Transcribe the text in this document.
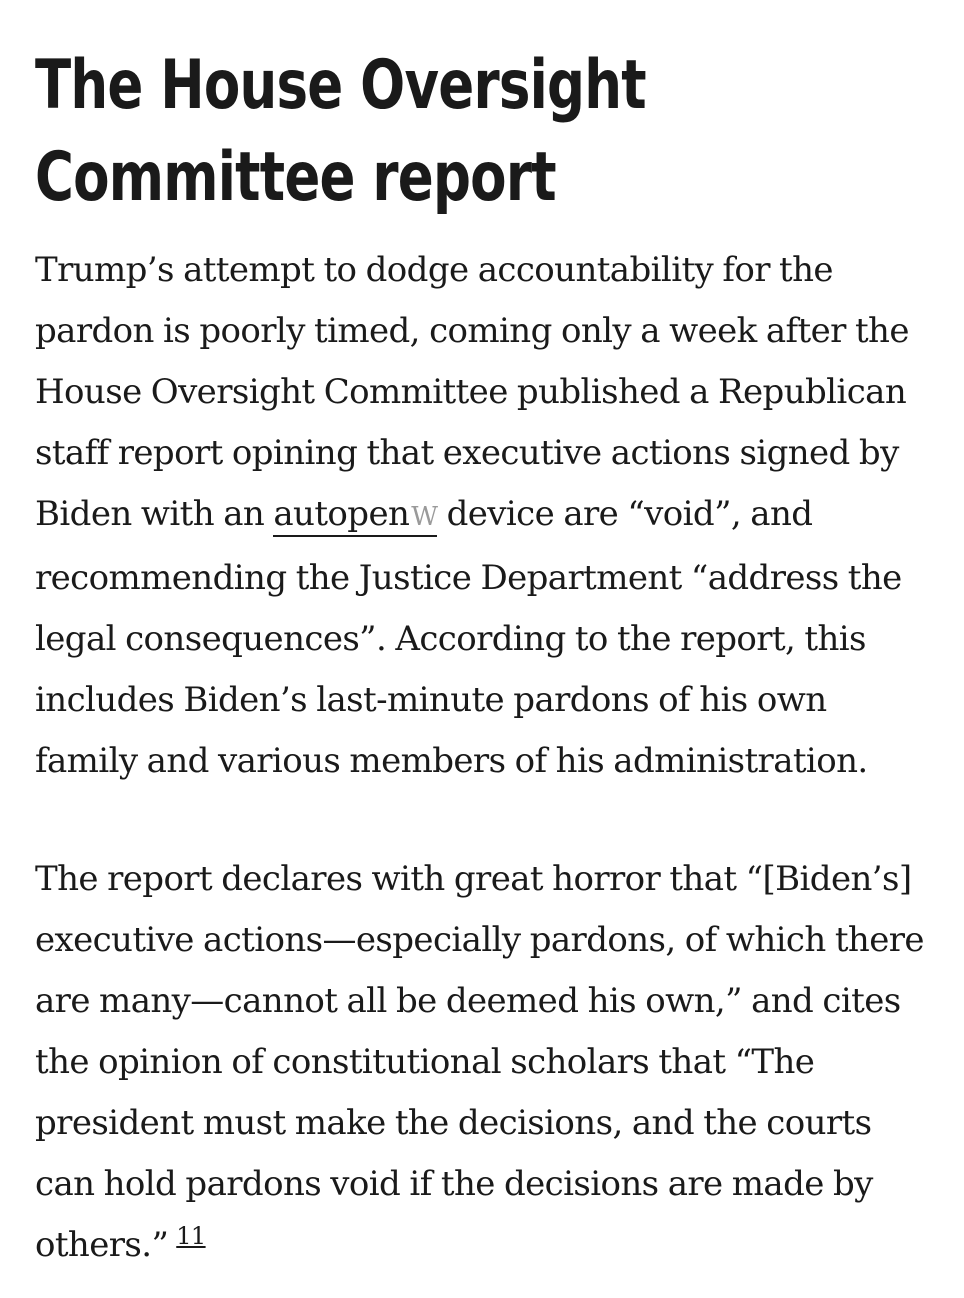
The House Oversight Committee report

Trump’s attempt to dodge accountability for the pardon is poorly timed, coming only a week after the House Oversight Committee published a Republican staff report opining that executive actions signed by Biden with an autopenW device are “void”, and recommending the Justice Department “address the legal consequences”. According to the report, this includes Biden’s last-minute pardons of his own family and various members of his administration.

The report declares with great horror that “[Biden’s] executive actions—especially pardons, of which there are many—cannot all be deemed his own,” and cites the opinion of constitutional scholars that “The president must make the decisions, and the courts can hold pardons void if the decisions are made by others.” $^{11}$
